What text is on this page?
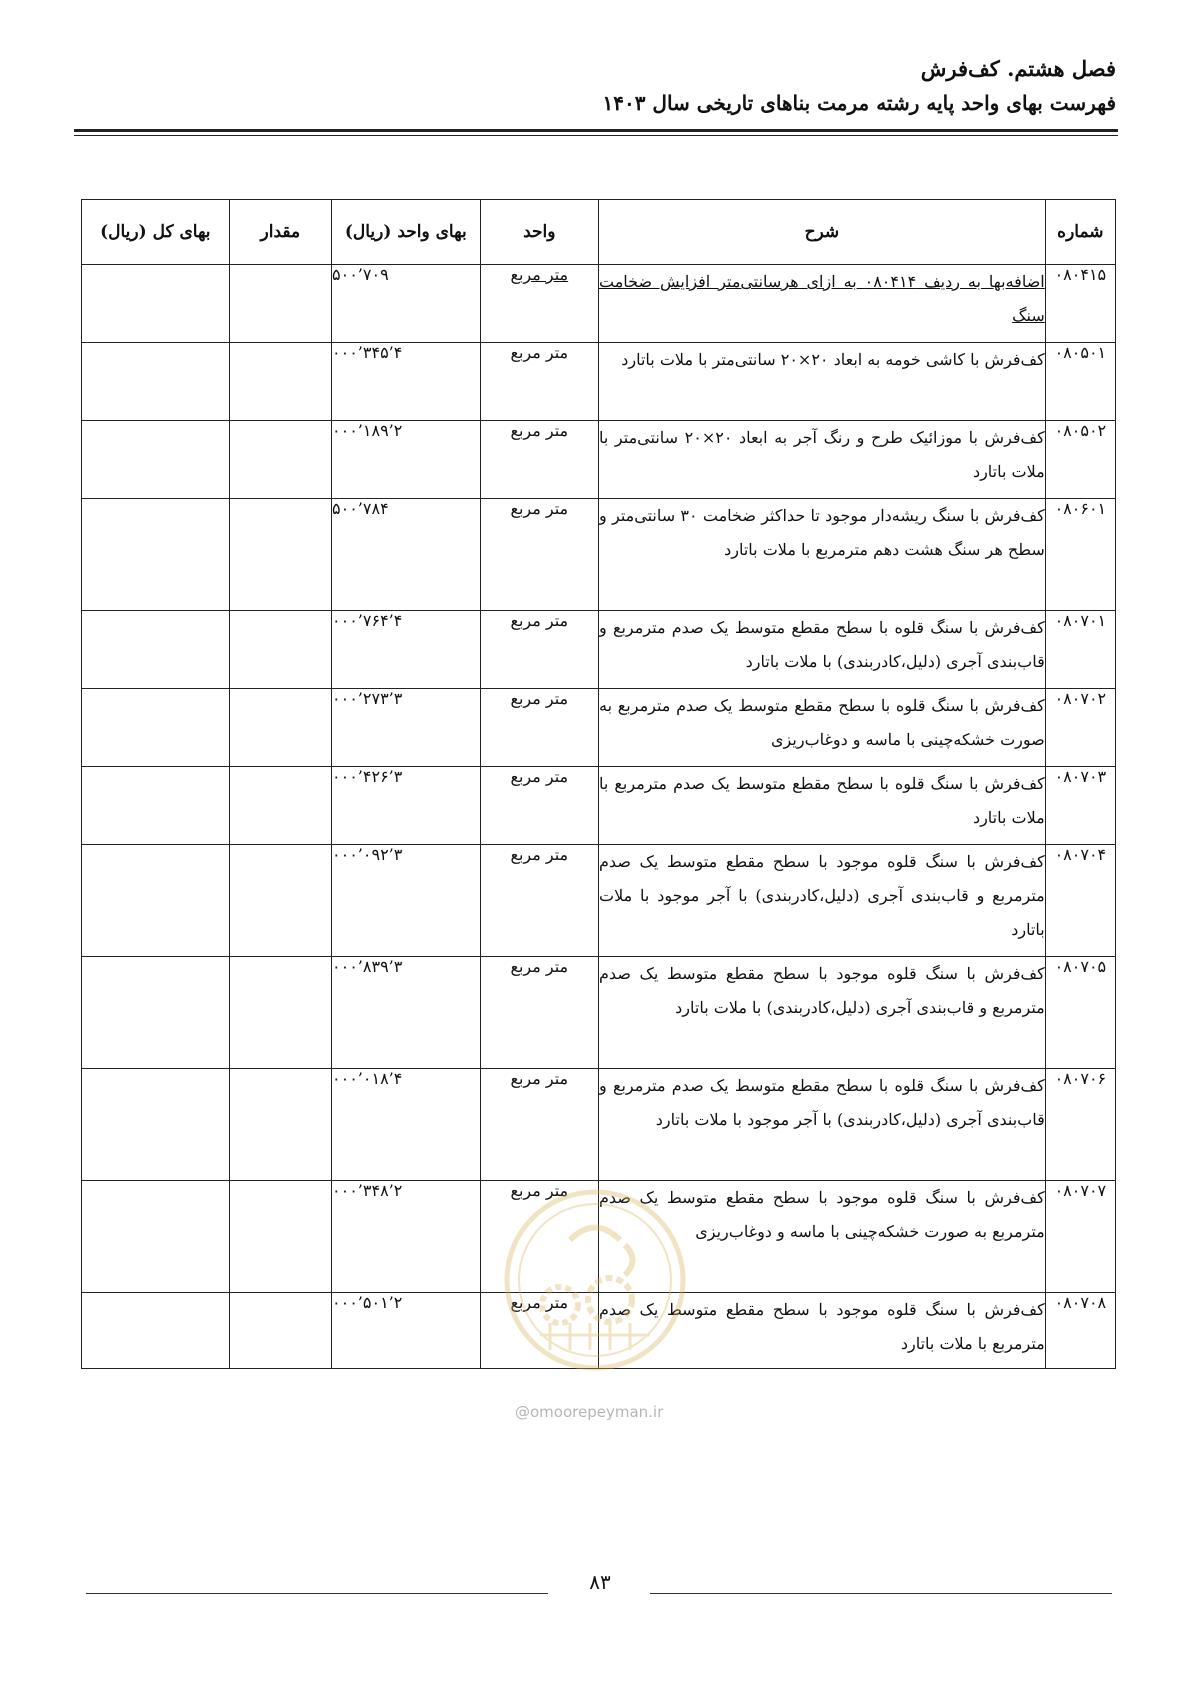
فصل هشتم. کف‌فرش
فهرست بهای واحد پایه رشته مرمت بناهای تاریخی سال ۱۴۰۳
شماره	شرح	واحد	بهای واحد (ریال)	مقدار	بهای کل (ریال)
۰۸۰۴۱۵	اضافه‌بها به ردیف ۰۸۰۴۱۴ به ازای هرسانتی‌متر افزایش ضخامت سنگ	متر مربع	۷۰۹’۵۰۰		
۰۸۰۵۰۱	کف‌فرش با کاشی خومه به ابعاد ۲۰×۲۰ سانتی‌متر با ملات باتارد	متر مربع	۴’۳۴۵’۰۰۰		
۰۸۰۵۰۲	کف‌فرش با موزائیک طرح و رنگ آجر به ابعاد ۲۰×۲۰ سانتی‌متر با ملات باتارد	متر مربع	۲’۱۸۹’۰۰۰		
۰۸۰۶۰۱	کف‌فرش با سنگ ریشه‌دار موجود تا حداکثر ضخامت ۳۰ سانتی‌متر و سطح هر سنگ هشت دهم مترمربع با ملات باتارد	متر مربع	۷۸۴’۵۰۰		
۰۸۰۷۰۱	کف‌فرش با سنگ قلوه با سطح مقطع متوسط یک صدم مترمربع و قاب‌بندی آجری (دلیل،کادربندی) با ملات باتارد	متر مربع	۴’۷۶۴’۰۰۰		
۰۸۰۷۰۲	کف‌فرش با سنگ قلوه با سطح مقطع متوسط یک صدم مترمربع به صورت خشکه‌چینی با ماسه و دوغاب‌ریزی	متر مربع	۳’۲۷۳’۰۰۰		
۰۸۰۷۰۳	کف‌فرش با سنگ قلوه با سطح مقطع متوسط یک صدم مترمربع با ملات باتارد	متر مربع	۳’۴۲۶’۰۰۰		
۰۸۰۷۰۴	کف‌فرش با سنگ قلوه موجود با سطح مقطع متوسط یک صدم مترمربع و قاب‌بندی آجری (دلیل،کادربندی) با آجر موجود با ملات باتارد	متر مربع	۳’۰۹۲’۰۰۰		
۰۸۰۷۰۵	کف‌فرش با سنگ قلوه موجود با سطح مقطع متوسط یک صدم مترمربع و قاب‌بندی آجری (دلیل،کادربندی) با ملات باتارد	متر مربع	۳’۸۳۹’۰۰۰		
۰۸۰۷۰۶	کف‌فرش با سنگ قلوه با سطح مقطع متوسط یک صدم مترمربع و قاب‌بندی آجری (دلیل،کادربندی) با آجر موجود با ملات باتارد	متر مربع	۴’۰۱۸’۰۰۰		
۰۸۰۷۰۷	کف‌فرش با سنگ قلوه موجود با سطح مقطع متوسط یک صدم مترمربع به صورت خشکه‌چینی با ماسه و دوغاب‌ریزی	متر مربع	۲’۳۴۸’۰۰۰		
۰۸۰۷۰۸	کف‌فرش با سنگ قلوه موجود با سطح مقطع متوسط یک صدم مترمربع با ملات باتارد	متر مربع	۲’۵۰۱’۰۰۰		
@omoorepeyman.ir
۸۳
